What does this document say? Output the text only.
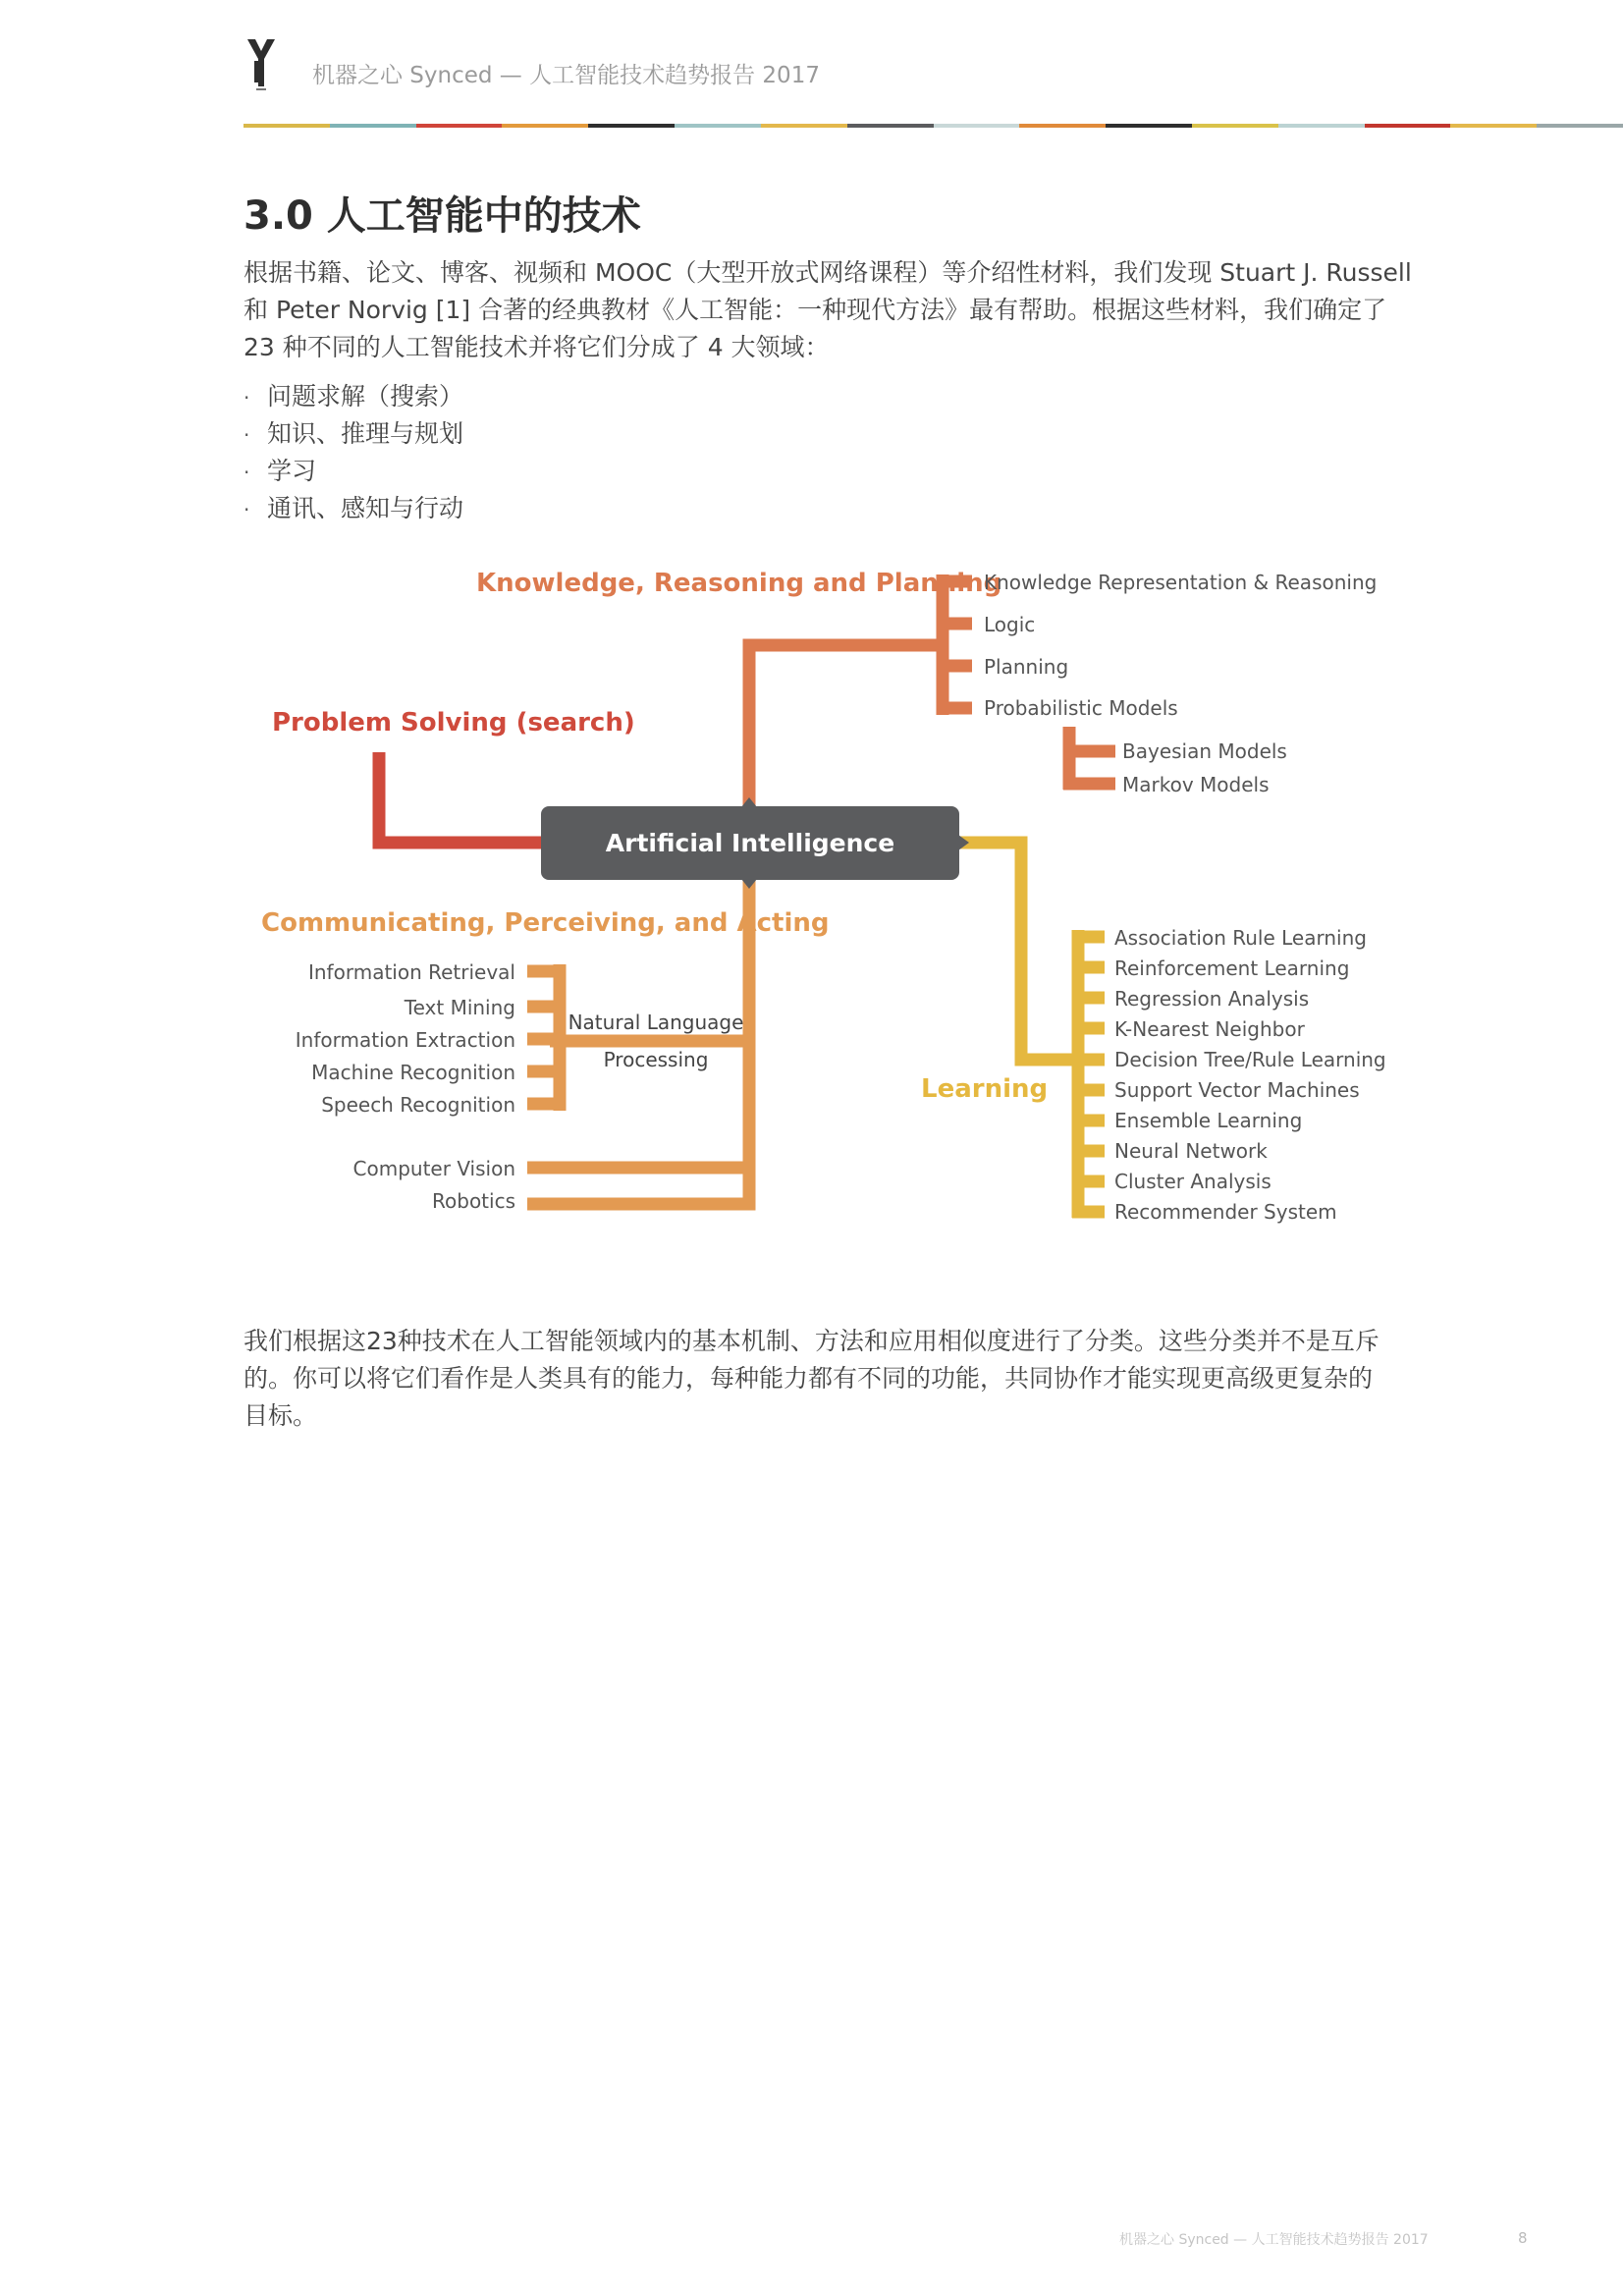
机器之心 Synced — 人工智能技术趋势报告 2017
3.0 人工智能中的技术
根据书籍、论文、博客、视频和 MOOC（大型开放式网络课程）等介绍性材料，我们发现 Stuart J. Russell
和 Peter Norvig [1] 合著的经典教材《人工智能：一种现代方法》最有帮助。根据这些材料，我们确定了
23 种不同的人工智能技术并将它们分成了 4 大领域：
· 问题求解（搜索）
· 知识、推理与规划
· 学习
· 通讯、感知与行动
Artificial Intelligence
Knowledge, Reasoning and Planning
Problem Solving (search)
Communicating, Perceiving, and Acting
Learning
Knowledge Representation & Reasoning
Logic
Planning
Probabilistic Models
Bayesian Models
Markov Models
Information Retrieval
Text Mining
Information Extraction
Machine Recognition
Speech Recognition
Computer Vision
Robotics
Natural Language
Processing
Association Rule Learning
Reinforcement Learning
Regression Analysis
K-Nearest Neighbor
Decision Tree/Rule Learning
Support Vector Machines
Ensemble Learning
Neural Network
Cluster Analysis
Recommender System
我们根据这23种技术在人工智能领域内的基本机制、方法和应用相似度进行了分类。这些分类并不是互斥
的。你可以将它们看作是人类具有的能力，每种能力都有不同的功能，共同协作才能实现更高级更复杂的
目标。
机器之心 Synced — 人工智能技术趋势报告 2017	8
